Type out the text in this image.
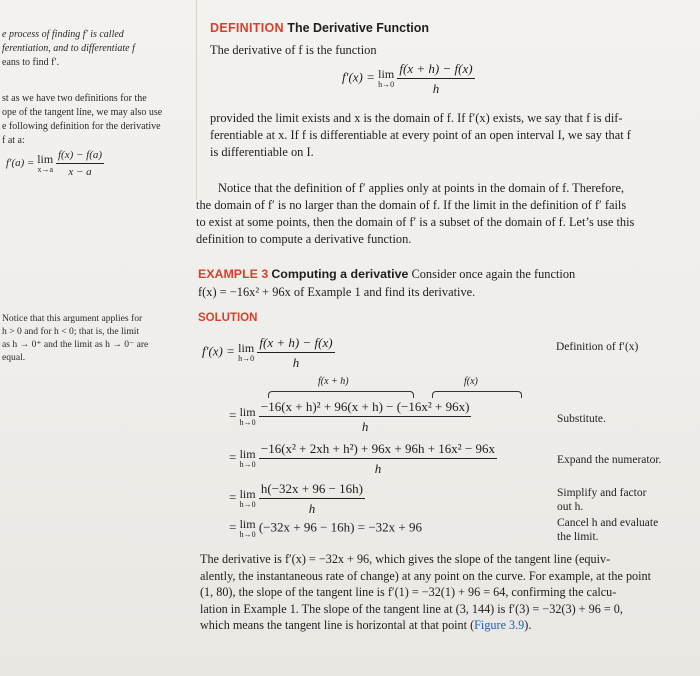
e process of finding f′ is called
ferentiation, and to differentiate f
eans to find f′.
st as we have two definitions for the
ope of the tangent line, we may also use
e following definition for the derivative
f at a:
f′(a) = lim
x→a
$\frac{f(x) - f(a)}{x - a}$
Notice that this argument applies for
h > 0 and for h < 0; that is, the limit
as h → 0⁺ and the limit as h → 0⁻ are
equal.
DEFINITION The Derivative Function
The derivative of f is the function
f′(x) = lim
h→0
$\frac{f(x + h) - f(x)}{h}$
provided the limit exists and x is the domain of f. If f′(x) exists, we say that f is dif-
ferentiable at x. If f is differentiable at every point of an open interval I, we say that f
is differentiable on I.
Notice that the definition of f′ applies only at points in the domain of f. Therefore,
the domain of f′ is no larger than the domain of f. If the limit in the definition of f′ fails
to exist at some points, then the domain of f′ is a subset of the domain of f. Let’s use this
definition to compute a derivative function.
EXAMPLE 3 Computing a derivative Consider once again the function
f(x) = −16x² + 96x of Example 1 and find its derivative.
SOLUTION
f′(x) = lim
h→0
$\frac{f(x + h) - f(x)}{h}$	Definition of f′(x)
f(x + h)	f(x)
= lim
h→0
$\frac{\text{−16(x + h)² + 96(x + h) − (−16x² + 96x)}}{h}$	Substitute.
= lim
h→0
$\frac{\text{−16(x² + 2xh + h²) + 96x + 96h + 16x² − 96x}}{h}$	Expand the numerator.
= lim
h→0
$\frac{h(-32x + 96 - 16h)}{h}$	Simplify and factor
out h.
= lim
h→0
(−32x + 96 − 16h) = −32x + 96	Cancel h and evaluate
the limit.
The derivative is f′(x) = −32x + 96, which gives the slope of the tangent line (equiv-
alently, the instantaneous rate of change) at any point on the curve. For example, at the point
(1, 80), the slope of the tangent line is f′(1) = −32(1) + 96 = 64, confirming the calcu-
lation in Example 1. The slope of the tangent line at (3, 144) is f′(3) = −32(3) + 96 = 0,
which means the tangent line is horizontal at that point (Figure 3.9).
